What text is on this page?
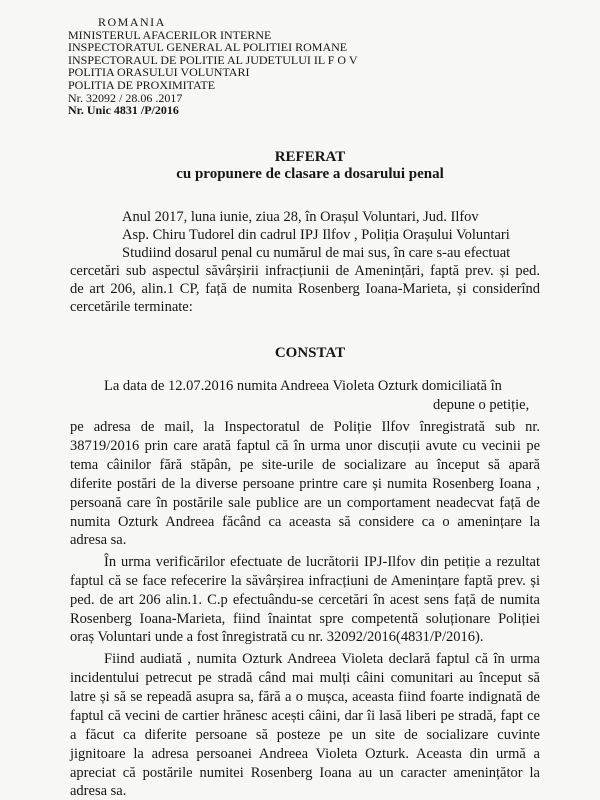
ROMANIA
MINISTERUL AFACERILOR INTERNE
INSPECTORATUL GENERAL AL POLITIEI ROMANE
INSPECTORAUL DE POLITIE AL JUDETULUI IL F O V
POLITIA ORASULUI VOLUNTARI
POLITIA DE PROXIMITATE
Nr. 32092 / 28.06 .2017
Nr. Unic 4831 /P/2016
REFERAT
cu propunere de clasare a dosarului penal
Anul 2017, luna iunie, ziua 28, în Orașul Voluntari, Jud. Ilfov
Asp. Chiru Tudorel din cadrul IPJ Ilfov , Poliția Orașului Voluntari
Studiind dosarul penal cu numărul de mai sus, în care s-au efectuat
cercetări sub aspectul săvârșirii infracțiunii de Amenințări, faptă prev. și ped.
de art 206, alin.1 CP, față de numita Rosenberg Ioana-Marieta, și considerînd
cercetările terminate:
CONSTAT
La data de 12.07.2016 numita Andreea Violeta Ozturk domiciliată în
depune o petiție,
pe adresa de mail, la Inspectoratul de Poliție Ilfov înregistrată sub nr.
38719/2016 prin care arată faptul că în urma unor discuții avute cu vecinii pe
tema câinilor fără stăpân, pe site-urile de socializare au început să apară
diferite postări de la diverse persoane printre care și numita Rosenberg Ioana ,
persoană care în postările sale publice are un comportament neadecvat față de
numita Ozturk Andreea făcând ca aceasta să considere ca o amenințare la
adresa sa.
În urma verificărilor efectuate de lucrătorii IPJ-Ilfov din petiție a rezultat
faptul că se face refecerire la săvârșirea infracțiuni de Amenințare faptă prev. și
ped. de art 206 alin.1. C.p efectuându-se cercetări în acest sens față de numita
Rosenberg Ioana-Marieta, fiind înaintat spre competentă soluționare Poliției
oraș Voluntari unde a fost înregistrată cu nr. 32092/2016(4831/P/2016).
Fiind audiată , numita Ozturk Andreea Violeta declară faptul că în urma
incidentului petrecut pe stradă când mai mulți câini comunitari au început să
latre și să se repeadă asupra sa, fără a o mușca, aceasta fiind foarte indignată de
faptul că vecini de cartier hrănesc acești câini, dar îi lasă liberi pe stradă, fapt ce
a făcut ca diferite persoane să posteze pe un site de socializare cuvinte
jignitoare la adresa persoanei Andreea Violeta Ozturk. Aceasta din urmă a
apreciat că postările numitei Rosenberg Ioana au un caracter amenințător la
adresa sa.
